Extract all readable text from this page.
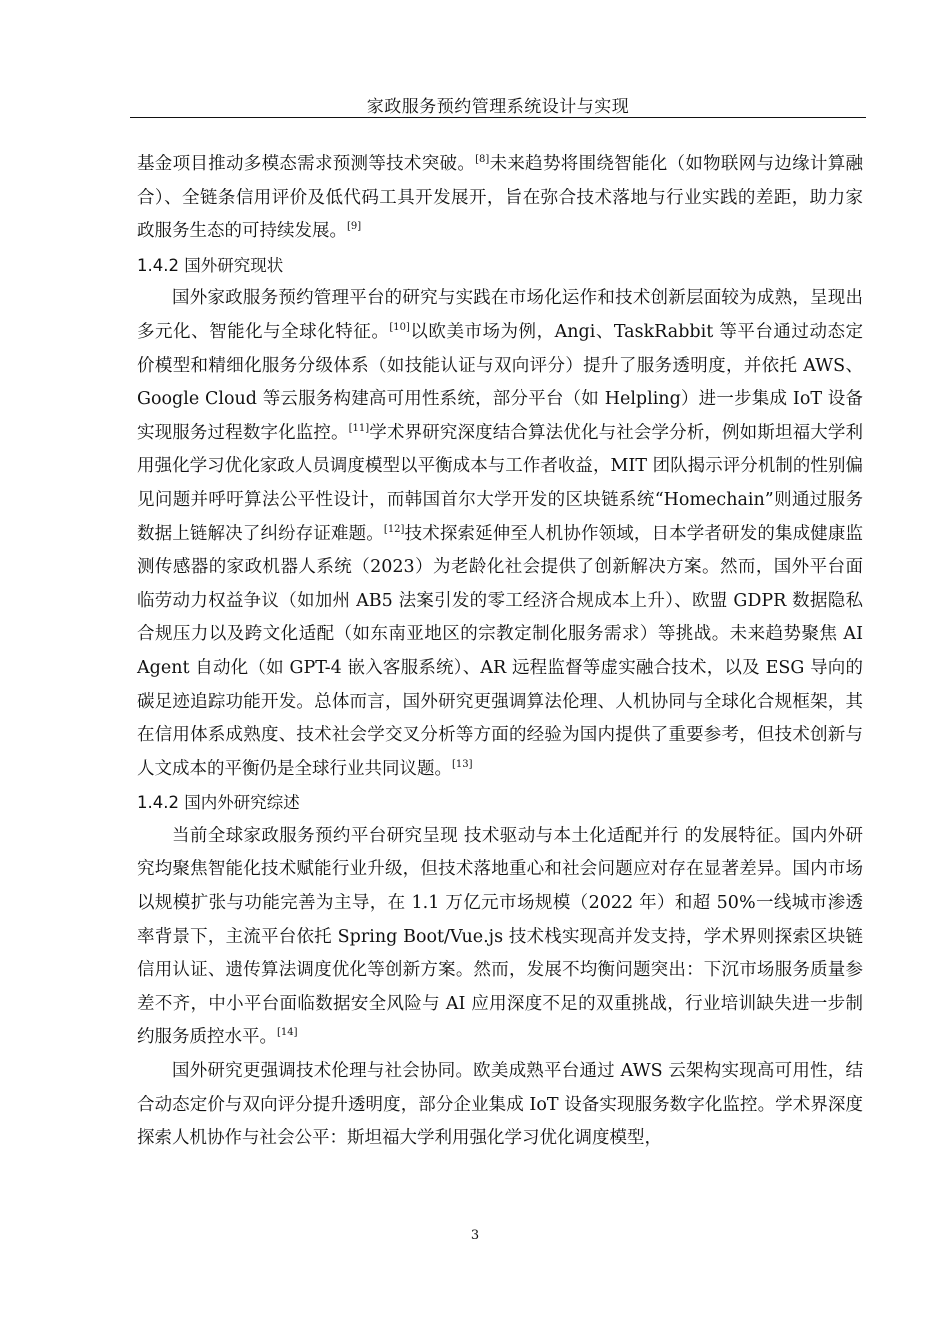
家政服务预约管理系统设计与实现

基金项目推动多模态需求预测等技术突破。[8]未来趋势将围绕智能化（如物联网与边缘计算融合）、全链条信用评价及低代码工具开发展开，旨在弥合技术落地与行业实践的差距，助力家政服务生态的可持续发展。[9]

1.4.2 国外研究现状

国外家政服务预约管理平台的研究与实践在市场化运作和技术创新层面较为成熟，呈现出多元化、智能化与全球化特征。[10]以欧美市场为例，Angi、TaskRabbit 等平台通过动态定价模型和精细化服务分级体系（如技能认证与双向评分）提升了服务透明度，并依托 AWS、Google Cloud 等云服务构建高可用性系统，部分平台（如 Helpling）进一步集成 IoT 设备实现服务过程数字化监控。[11]学术界研究深度结合算法优化与社会学分析，例如斯坦福大学利用强化学习优化家政人员调度模型以平衡成本与工作者收益，MIT 团队揭示评分机制的性别偏见问题并呼吁算法公平性设计，而韩国首尔大学开发的区块链系统“Homechain”则通过服务数据上链解决了纠纷存证难题。[12]技术探索延伸至人机协作领域，日本学者研发的集成健康监测传感器的家政机器人系统（2023）为老龄化社会提供了创新解决方案。然而，国外平台面临劳动力权益争议（如加州 AB5 法案引发的零工经济合规成本上升）、欧盟 GDPR 数据隐私合规压力以及跨文化适配（如东南亚地区的宗教定制化服务需求）等挑战。未来趋势聚焦 AI Agent 自动化（如 GPT-4 嵌入客服系统）、AR 远程监督等虚实融合技术，以及 ESG 导向的碳足迹追踪功能开发。总体而言，国外研究更强调算法伦理、人机协同与全球化合规框架，其在信用体系成熟度、技术社会学交叉分析等方面的经验为国内提供了重要参考，但技术创新与人文成本的平衡仍是全球行业共同议题。[13]

1.4.2 国内外研究综述

当前全球家政服务预约平台研究呈现 技术驱动与本土化适配并行 的发展特征。国内外研究均聚焦智能化技术赋能行业升级，但技术落地重心和社会问题应对存在显著差异。国内市场以规模扩张与功能完善为主导，在 1.1 万亿元市场规模（2022 年）和超 50%一线城市渗透率背景下，主流平台依托 Spring Boot/Vue.js 技术栈实现高并发支持，学术界则探索区块链信用认证、遗传算法调度优化等创新方案。然而，发展不均衡问题突出：下沉市场服务质量参差不齐，中小平台面临数据安全风险与 AI 应用深度不足的双重挑战，行业培训缺失进一步制约服务质控水平。[14]

国外研究更强调技术伦理与社会协同。欧美成熟平台通过 AWS 云架构实现高可用性，结合动态定价与双向评分提升透明度，部分企业集成 IoT 设备实现服务数字化监控。学术界深度探索人机协作与社会公平：斯坦福大学利用强化学习优化调度模型，

3
